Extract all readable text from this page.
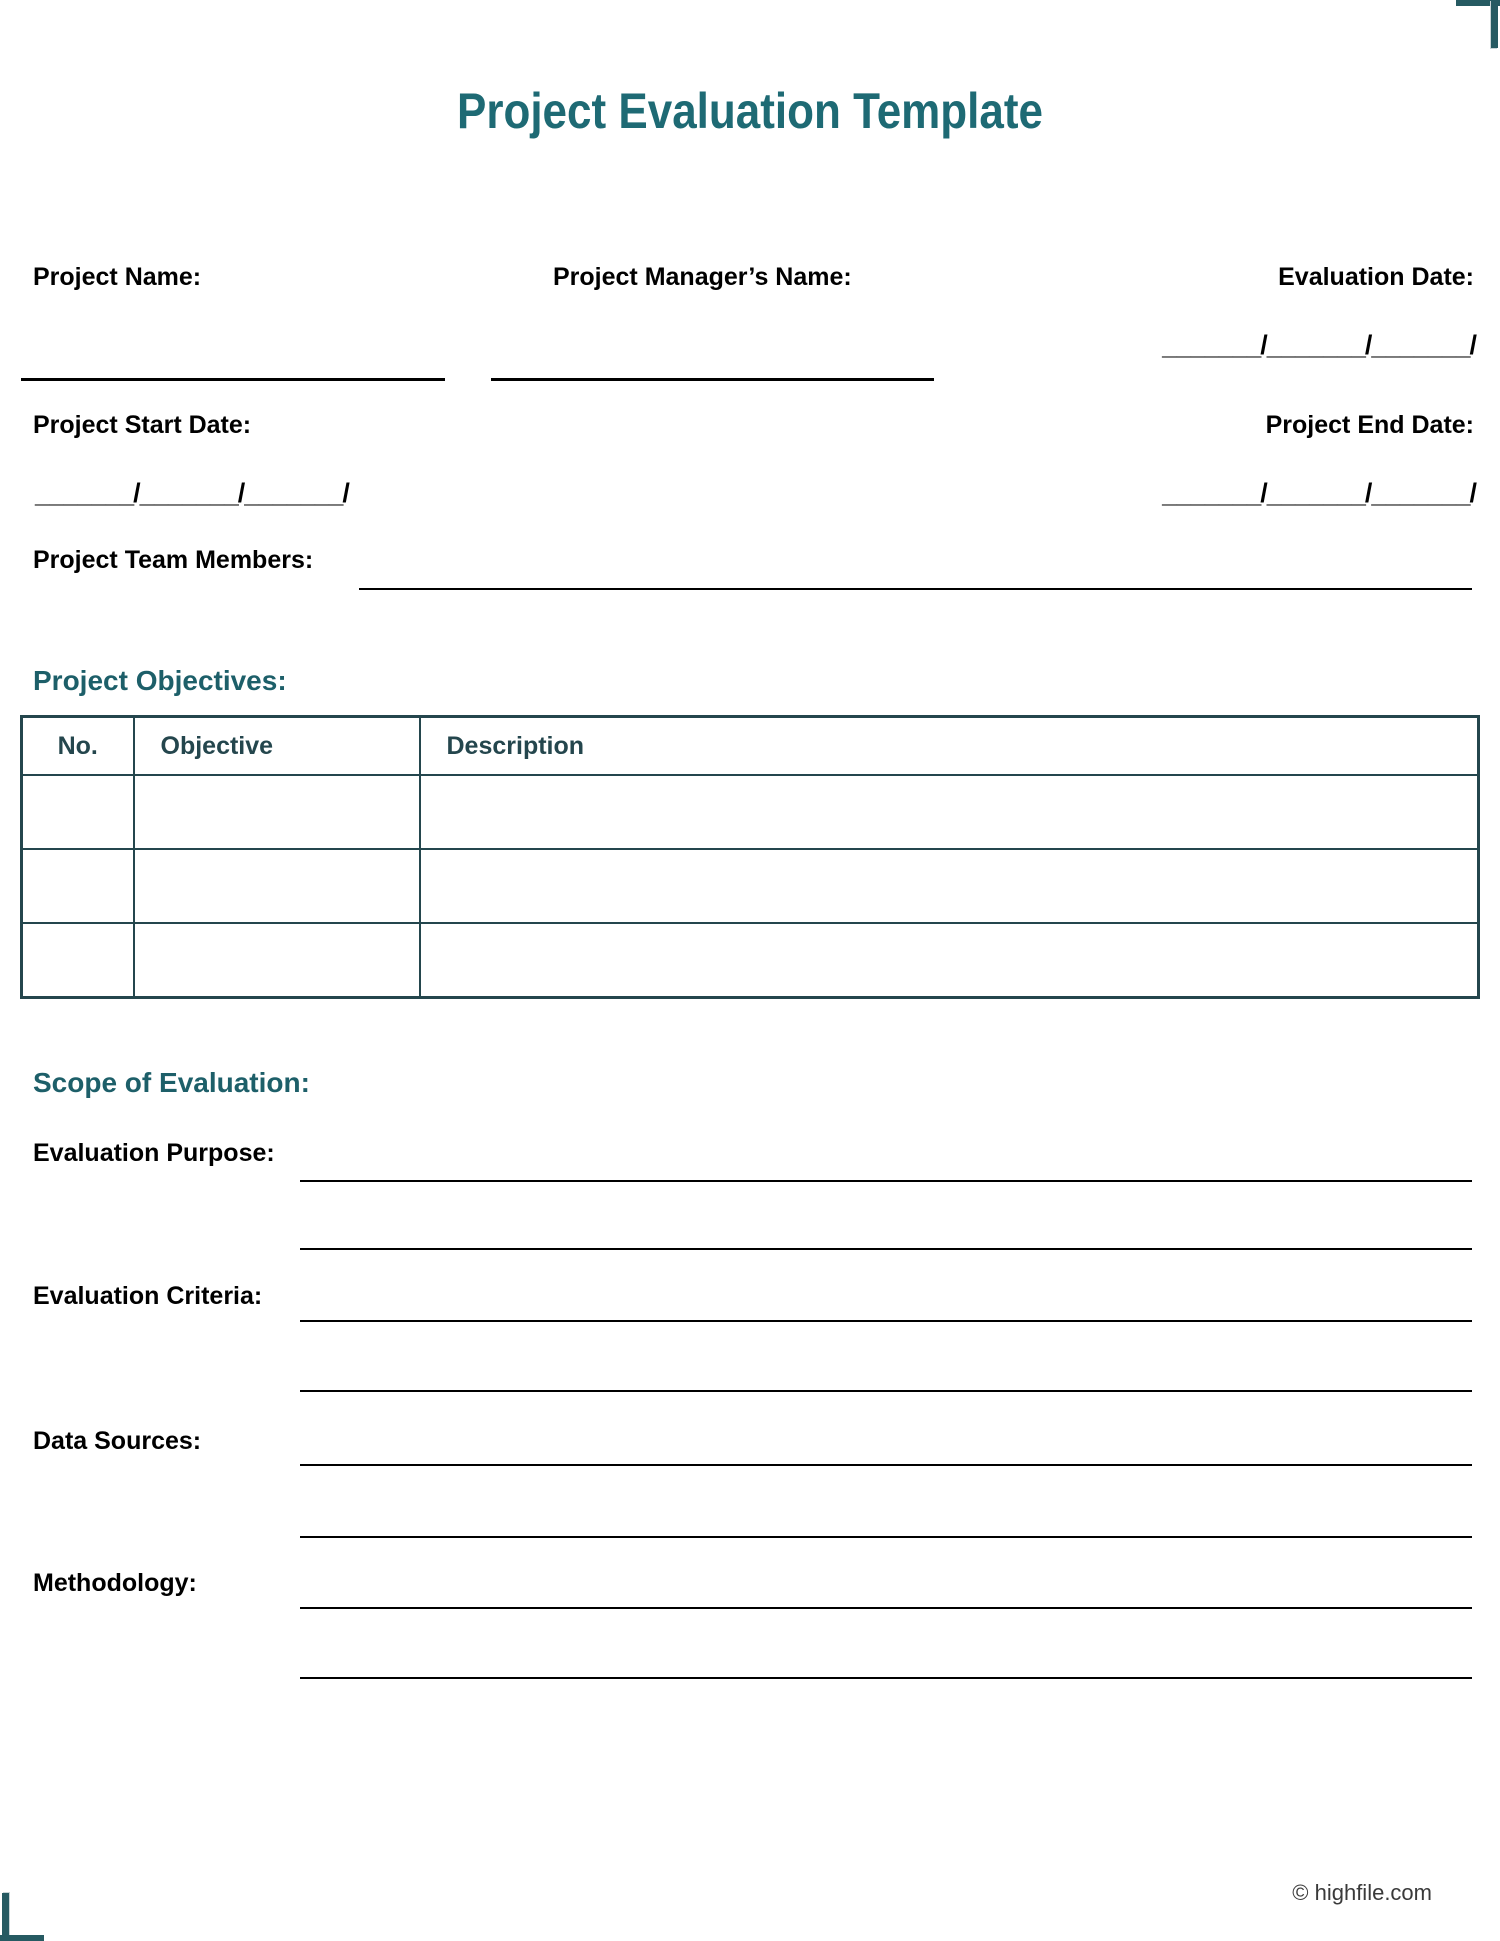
Project Evaluation Template
Project Name:	Project Manager’s Name:	Evaluation Date:
_______/_______/_______/
Project Start Date:	Project End Date:
_______/_______/_______/	_______/_______/_______/
Project Team Members:
Project Objectives:
No.	Objective	Description

Scope of Evaluation:
Evaluation Purpose:
Evaluation Criteria:
Data Sources:
Methodology:
© highfile.com
